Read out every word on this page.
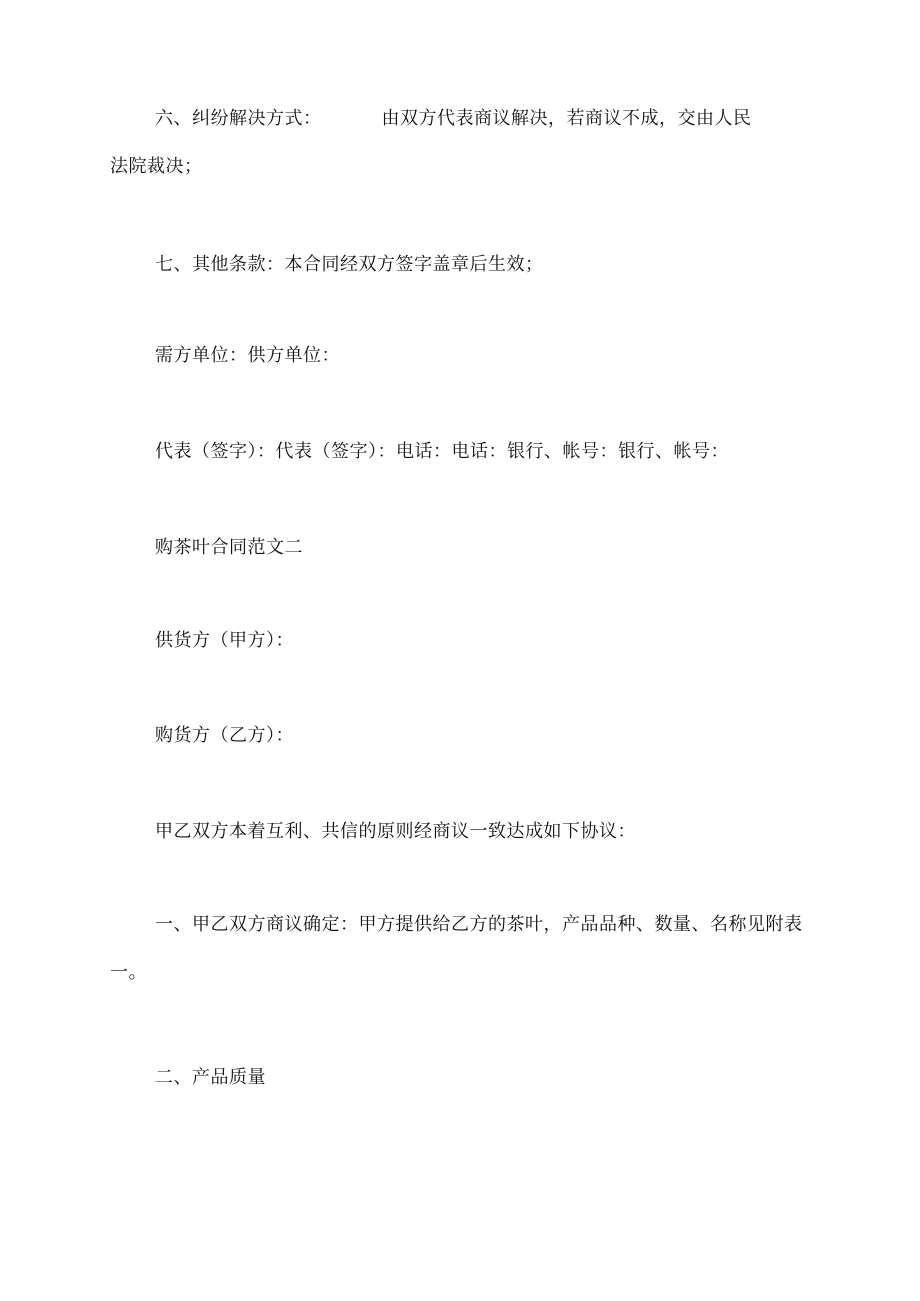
六、纠纷解决方式：	由双方代表商议解决，若商议不成，交由人民
法院裁决；
七、其他条款：本合同经双方签字盖章后生效；
需方单位：供方单位：
代表（签字）：代表（签字）：电话：电话：银行、帐号：银行、帐号：
购茶叶合同范文二
供货方（甲方）：
购货方（乙方）：
甲乙双方本着互利、共信的原则经商议一致达成如下协议：
一、甲乙双方商议确定：甲方提供给乙方的茶叶，产品品种、数量、名称见附表
一。
二、产品质量
